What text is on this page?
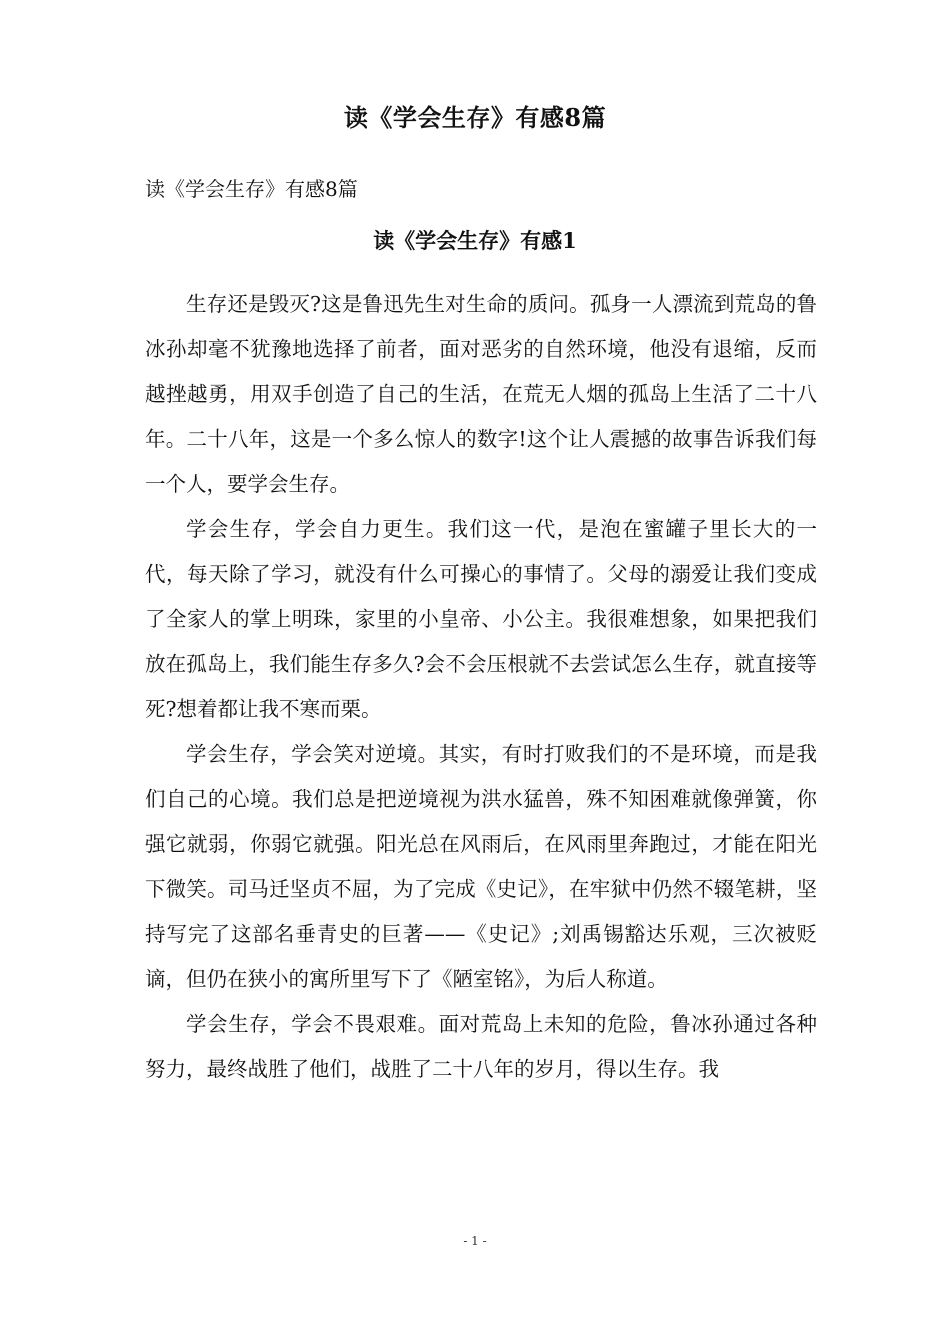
读《学会生存》有感8篇

读《学会生存》有感8篇

读《学会生存》有感1

生存还是毁灭?这是鲁迅先生对生命的质问。孤身一人漂流到荒岛的鲁冰孙却毫不犹豫地选择了前者，面对恶劣的自然环境，他没有退缩，反而越挫越勇，用双手创造了自己的生活，在荒无人烟的孤岛上生活了二十八年。二十八年，这是一个多么惊人的数字!这个让人震撼的故事告诉我们每一个人，要学会生存。

学会生存，学会自力更生。我们这一代，是泡在蜜罐子里长大的一代，每天除了学习，就没有什么可操心的事情了。父母的溺爱让我们变成了全家人的掌上明珠，家里的小皇帝、小公主。我很难想象，如果把我们放在孤岛上，我们能生存多久?会不会压根就不去尝试怎么生存，就直接等死?想着都让我不寒而栗。

学会生存，学会笑对逆境。其实，有时打败我们的不是环境，而是我们自己的心境。我们总是把逆境视为洪水猛兽，殊不知困难就像弹簧，你强它就弱，你弱它就强。阳光总在风雨后，在风雨里奔跑过，才能在阳光下微笑。司马迁坚贞不屈，为了完成《史记》，在牢狱中仍然不辍笔耕，坚持写完了这部名垂青史的巨著——《史记》;刘禹锡豁达乐观，三次被贬谪，但仍在狭小的寓所里写下了《陋室铭》，为后人称道。

学会生存，学会不畏艰难。面对荒岛上未知的危险，鲁冰孙通过各种努力，最终战胜了他们，战胜了二十八年的岁月，得以生存。我

- 1 -
